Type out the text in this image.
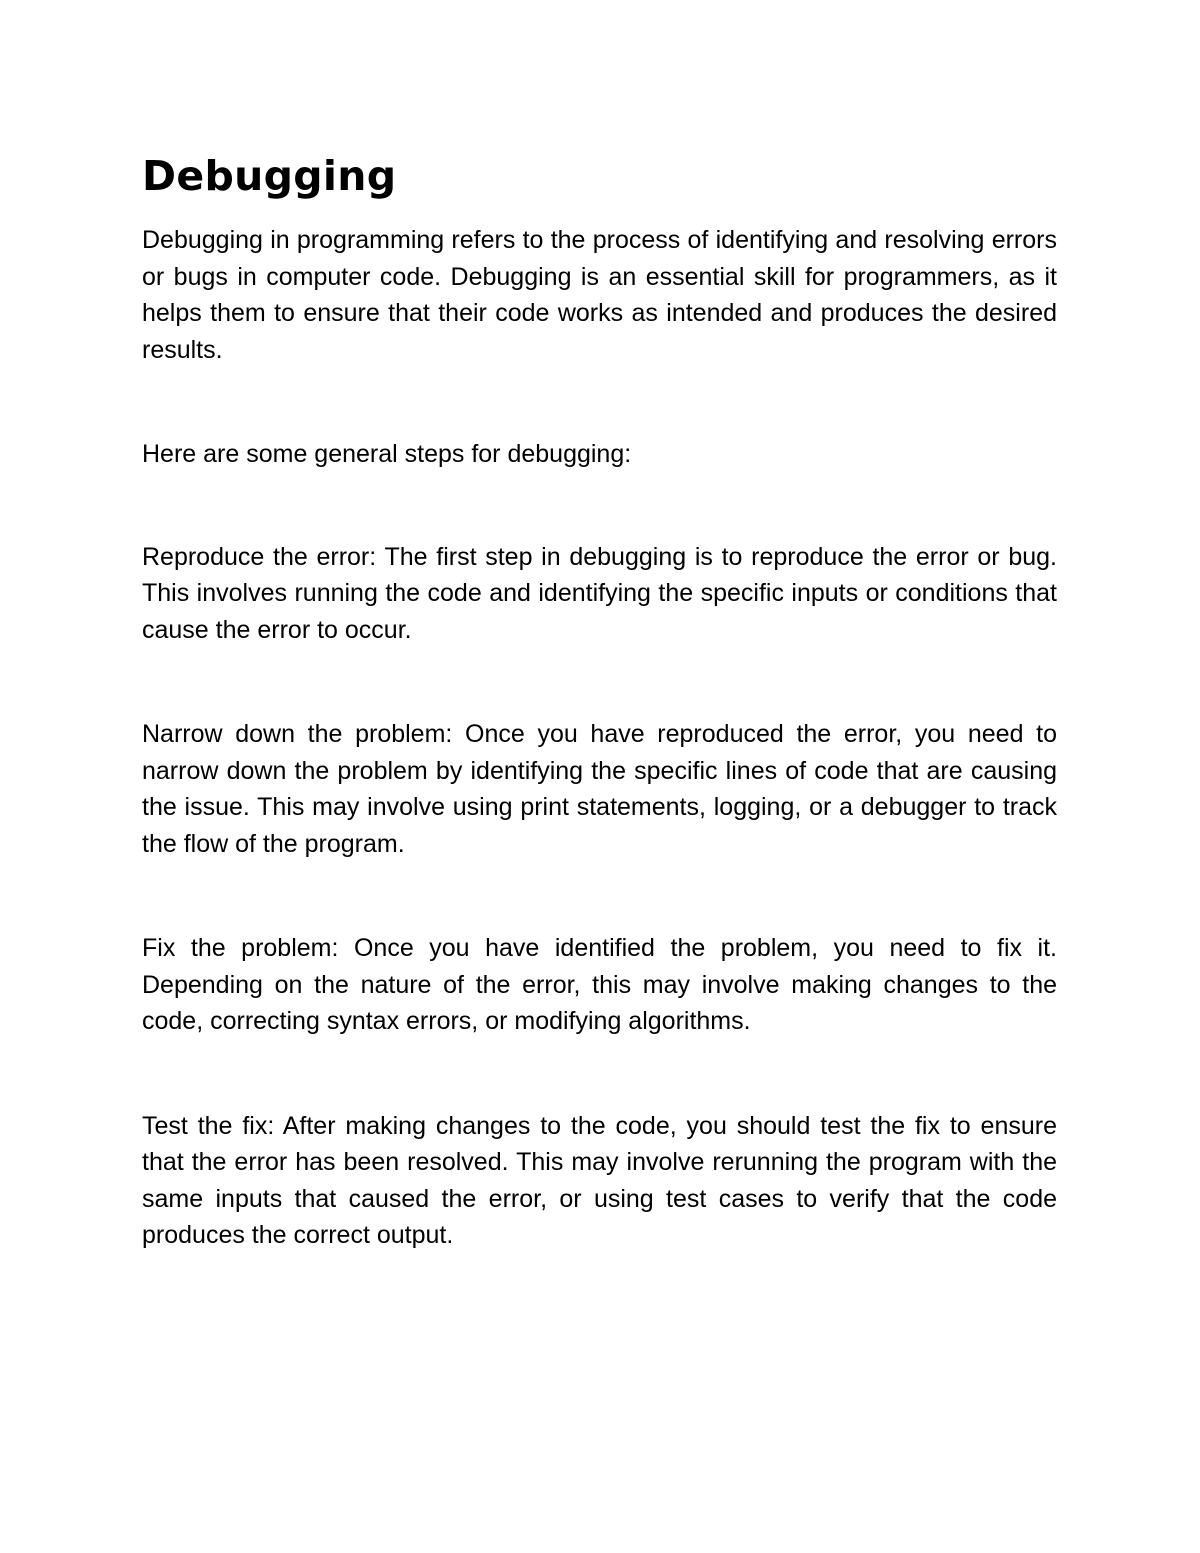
Debugging

Debugging in programming refers to the process of identifying and resolving errors or bugs in computer code. Debugging is an essential skill for programmers, as it helps them to ensure that their code works as intended and produces the desired results.

Here are some general steps for debugging:

Reproduce the error: The first step in debugging is to reproduce the error or bug. This involves running the code and identifying the specific inputs or conditions that cause the error to occur.

Narrow down the problem: Once you have reproduced the error, you need to narrow down the problem by identifying the specific lines of code that are causing the issue. This may involve using print statements, logging, or a debugger to track the flow of the program.

Fix the problem: Once you have identified the problem, you need to fix it. Depending on the nature of the error, this may involve making changes to the code, correcting syntax errors, or modifying algorithms.

Test the fix: After making changes to the code, you should test the fix to ensure that the error has been resolved. This may involve rerunning the program with the same inputs that caused the error, or using test cases to verify that the code produces the correct output.
